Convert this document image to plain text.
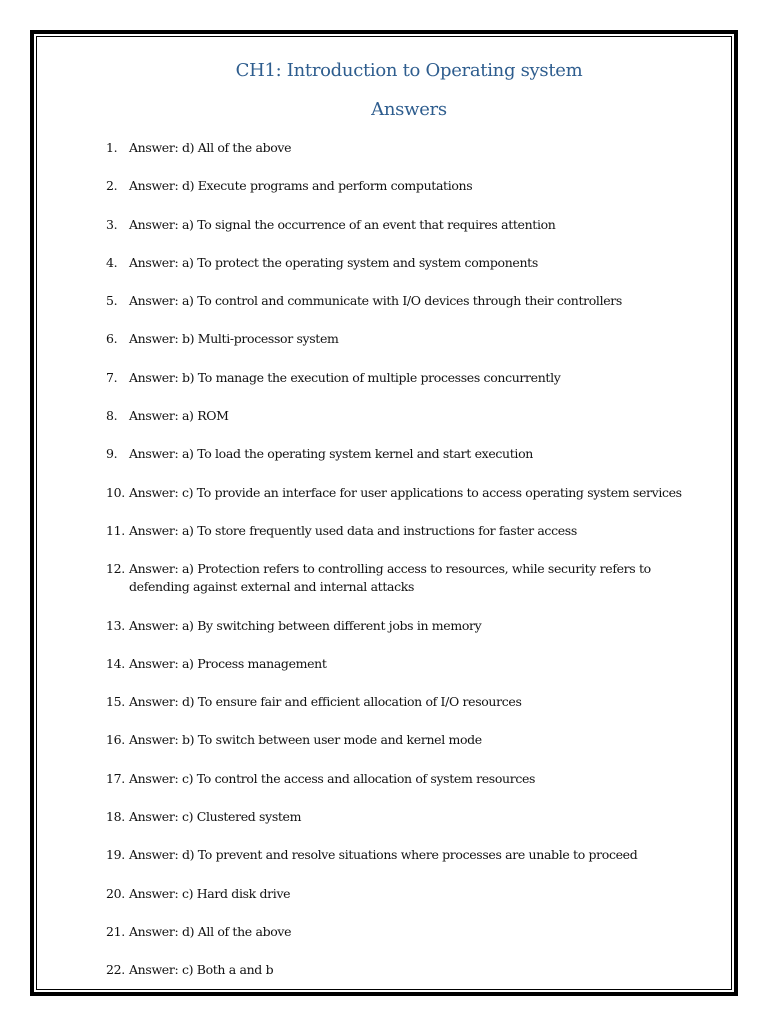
CH1: Introduction to Operating system
Answers
1. Answer: d) All of the above
2. Answer: d) Execute programs and perform computations
3. Answer: a) To signal the occurrence of an event that requires attention
4. Answer: a) To protect the operating system and system components
5. Answer: a) To control and communicate with I/O devices through their controllers
6. Answer: b) Multi-processor system
7. Answer: b) To manage the execution of multiple processes concurrently
8. Answer: a) ROM
9. Answer: a) To load the operating system kernel and start execution
10. Answer: c) To provide an interface for user applications to access operating system services
11. Answer: a) To store frequently used data and instructions for faster access
12. Answer: a) Protection refers to controlling access to resources, while security refers to defending against external and internal attacks
13. Answer: a) By switching between different jobs in memory
14. Answer: a) Process management
15. Answer: d) To ensure fair and efficient allocation of I/O resources
16. Answer: b) To switch between user mode and kernel mode
17. Answer: c) To control the access and allocation of system resources
18. Answer: c) Clustered system
19. Answer: d) To prevent and resolve situations where processes are unable to proceed
20. Answer: c) Hard disk drive
21. Answer: d) All of the above
22. Answer: c) Both a and b
